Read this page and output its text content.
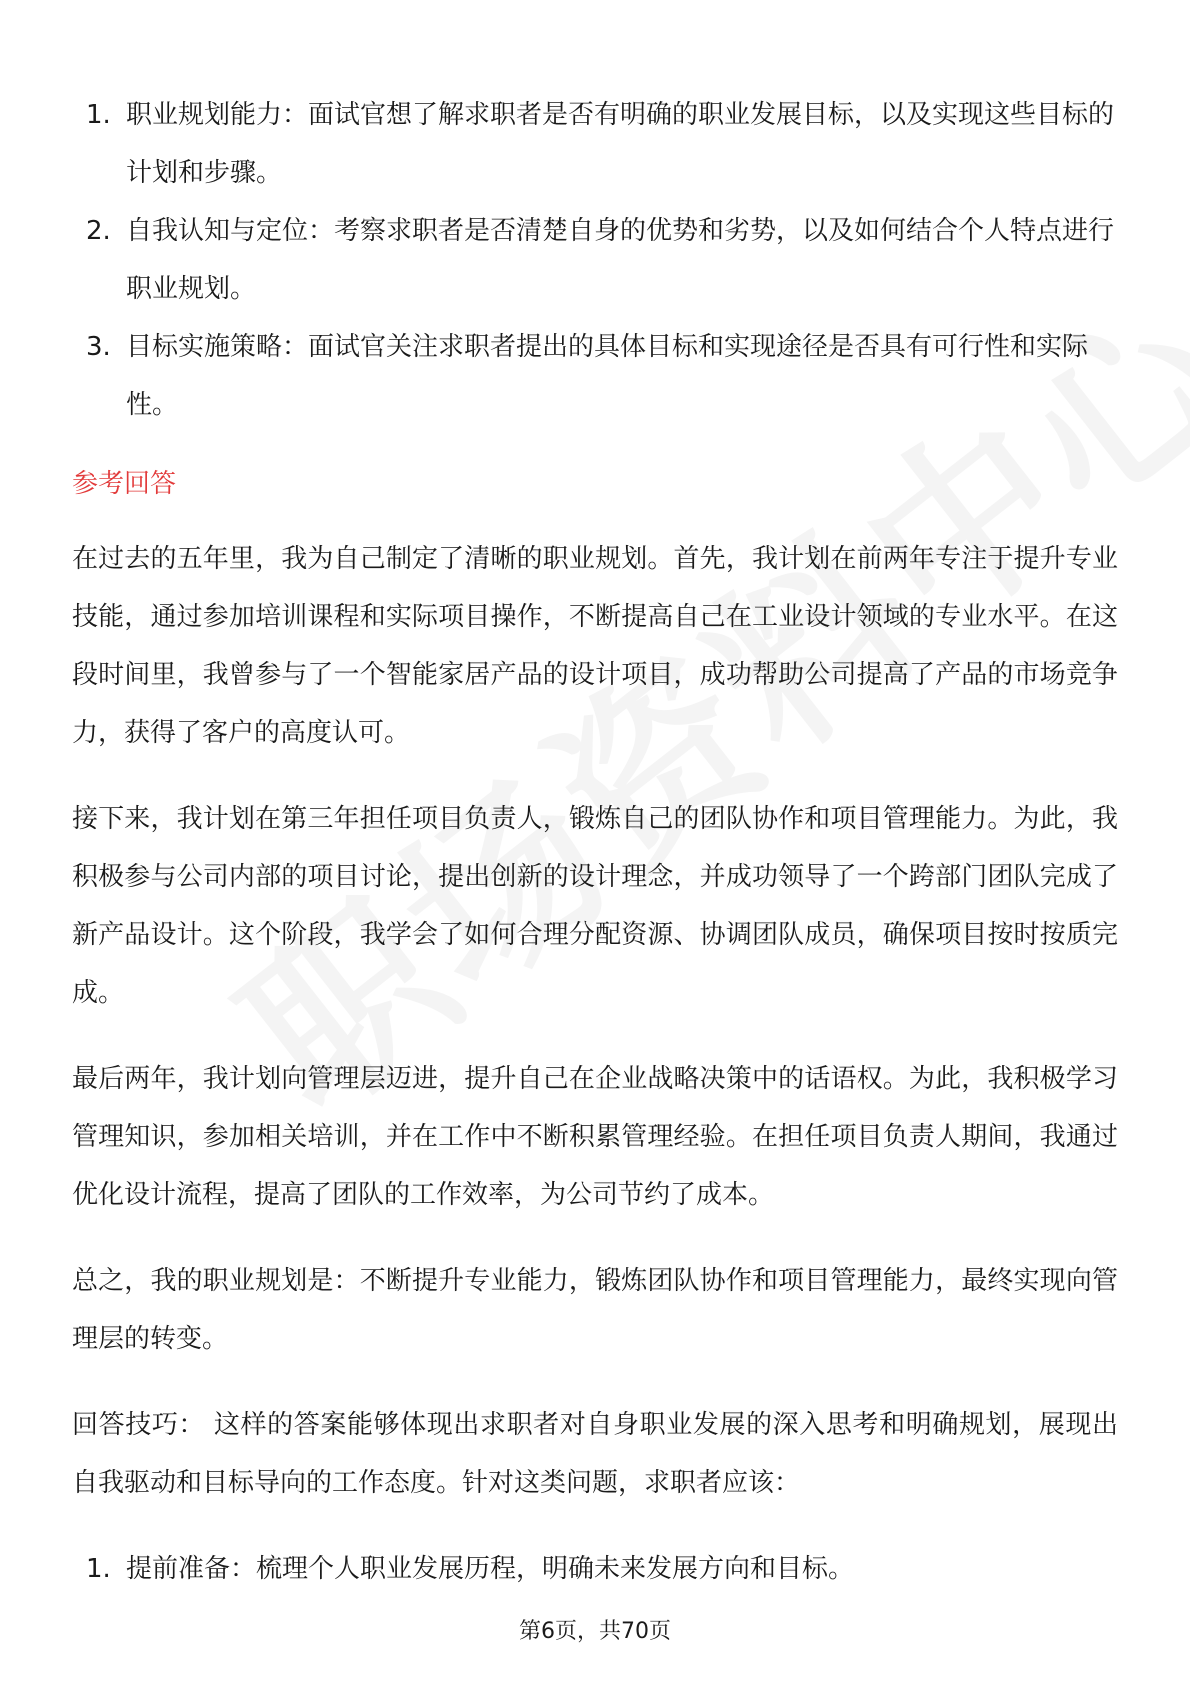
1. 职业规划能力：面试官想了解求职者是否有明确的职业发展目标，以及实现这些目标的计划和步骤。
2. 自我认知与定位：考察求职者是否清楚自身的优势和劣势，以及如何结合个人特点进行职业规划。
3. 目标实施策略：面试官关注求职者提出的具体目标和实现途径是否具有可行性和实际性。
参考回答

在过去的五年里，我为自己制定了清晰的职业规划。首先，我计划在前两年专注于提升专业技能，通过参加培训课程和实际项目操作，不断提高自己在工业设计领域的专业水平。在这段时间里，我曾参与了一个智能家居产品的设计项目，成功帮助公司提高了产品的市场竞争力，获得了客户的高度认可。

接下来，我计划在第三年担任项目负责人，锻炼自己的团队协作和项目管理能力。为此，我积极参与公司内部的项目讨论，提出创新的设计理念，并成功领导了一个跨部门团队完成了新产品设计。这个阶段，我学会了如何合理分配资源、协调团队成员，确保项目按时按质完成。

最后两年，我计划向管理层迈进，提升自己在企业战略决策中的话语权。为此，我积极学习管理知识，参加相关培训，并在工作中不断积累管理经验。在担任项目负责人期间，我通过优化设计流程，提高了团队的工作效率，为公司节约了成本。

总之，我的职业规划是：不断提升专业能力，锻炼团队协作和项目管理能力，最终实现向管理层的转变。

回答技巧： 这样的答案能够体现出求职者对自身职业发展的深入思考和明确规划，展现出自我驱动和目标导向的工作态度。针对这类问题，求职者应该：

1. 提前准备：梳理个人职业发展历程，明确未来发展方向和目标。
第6页，共70页
